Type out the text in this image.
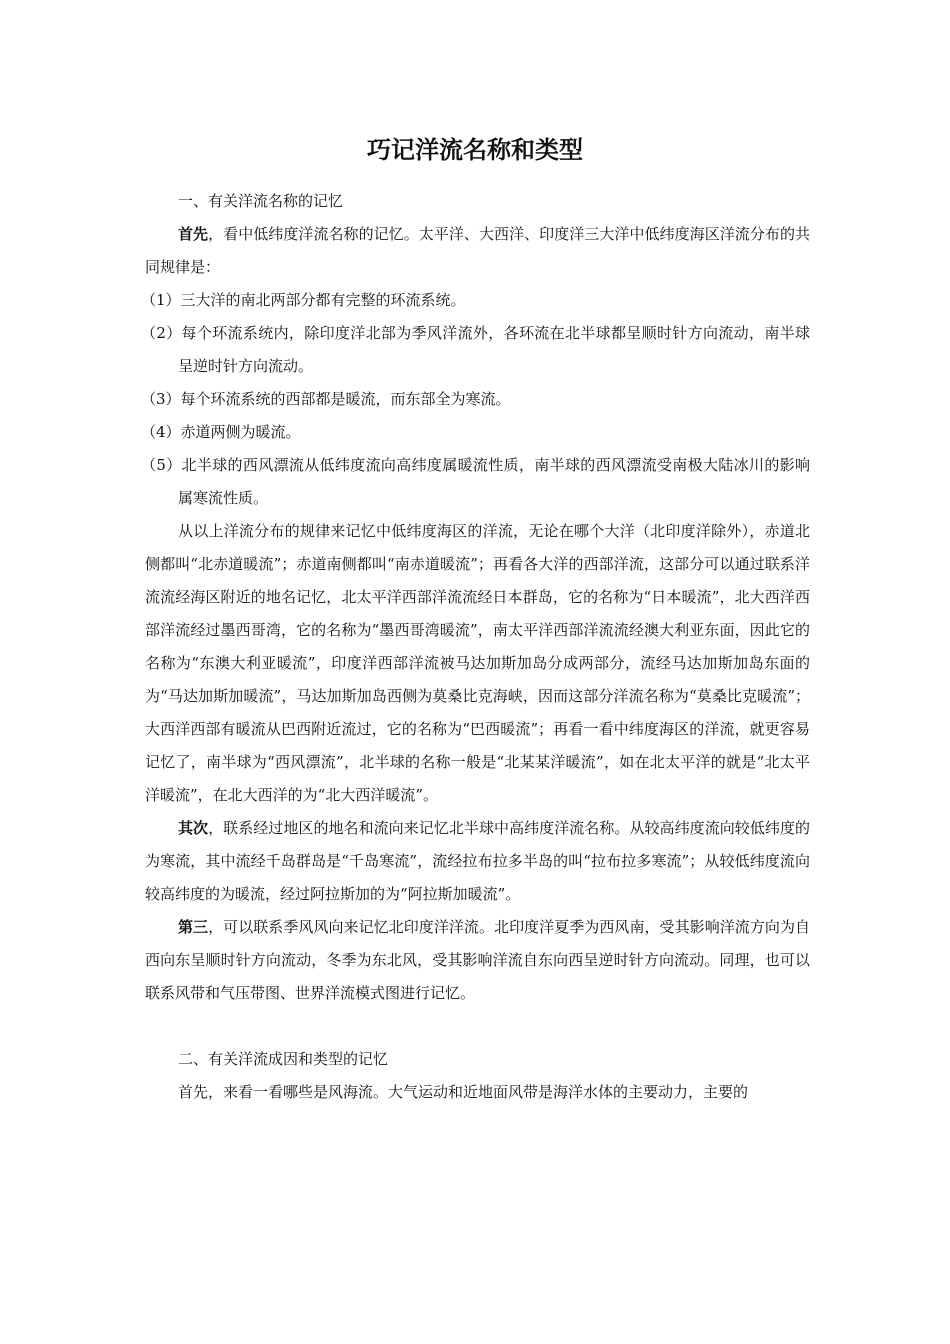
巧记洋流名称和类型

一、有关洋流名称的记忆

首先，看中低纬度洋流名称的记忆。太平洋、大西洋、印度洋三大洋中低纬度海区洋流分布的共同规律是：

（1）三大洋的南北两部分都有完整的环流系统。

（2）每个环流系统内，除印度洋北部为季风洋流外，各环流在北半球都呈顺时针方向流动，南半球呈逆时针方向流动。

（3）每个环流系统的西部都是暖流，而东部全为寒流。

（4）赤道两侧为暖流。

（5）北半球的西风漂流从低纬度流向高纬度属暖流性质，南半球的西风漂流受南极大陆冰川的影响属寒流性质。

从以上洋流分布的规律来记忆中低纬度海区的洋流，无论在哪个大洋（北印度洋除外），赤道北侧都叫“北赤道暖流”；赤道南侧都叫“南赤道暖流”；再看各大洋的西部洋流，这部分可以通过联系洋流流经海区附近的地名记忆，北太平洋西部洋流流经日本群岛，它的名称为“日本暖流”，北大西洋西部洋流经过墨西哥湾，它的名称为“墨西哥湾暖流”，南太平洋西部洋流流经澳大利亚东面，因此它的名称为“东澳大利亚暖流”，印度洋西部洋流被马达加斯加岛分成两部分，流经马达加斯加岛东面的为“马达加斯加暖流”，马达加斯加岛西侧为莫桑比克海峡，因而这部分洋流名称为“莫桑比克暖流”；大西洋西部有暖流从巴西附近流过，它的名称为“巴西暖流”；再看一看中纬度海区的洋流，就更容易记忆了，南半球为“西风漂流”，北半球的名称一般是“北某某洋暖流”，如在北太平洋的就是“北太平洋暖流”，在北大西洋的为“北大西洋暖流”。

其次，联系经过地区的地名和流向来记忆北半球中高纬度洋流名称。从较高纬度流向较低纬度的为寒流，其中流经千岛群岛是“千岛寒流”，流经拉布拉多半岛的叫“拉布拉多寒流”；从较低纬度流向较高纬度的为暖流，经过阿拉斯加的为“阿拉斯加暖流”。

第三，可以联系季风风向来记忆北印度洋洋流。北印度洋夏季为西风南，受其影响洋流方向为自西向东呈顺时针方向流动，冬季为东北风，受其影响洋流自东向西呈逆时针方向流动。同理，也可以联系风带和气压带图、世界洋流模式图进行记忆。

二、有关洋流成因和类型的记忆

首先，来看一看哪些是风海流。大气运动和近地面风带是海洋水体的主要动力，主要的
